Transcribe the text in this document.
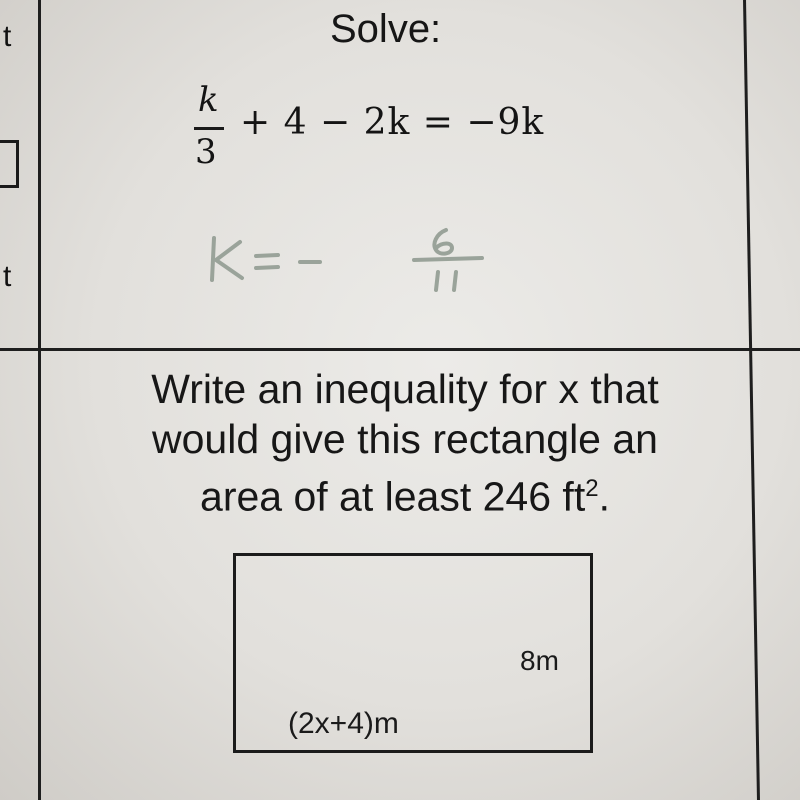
t
t
Solve:
k
3
+ 4 − 2k = −9k
Write an inequality for x that
would give this rectangle an
area of at least 246 $ft^2$.
8m
(2x+4)m
